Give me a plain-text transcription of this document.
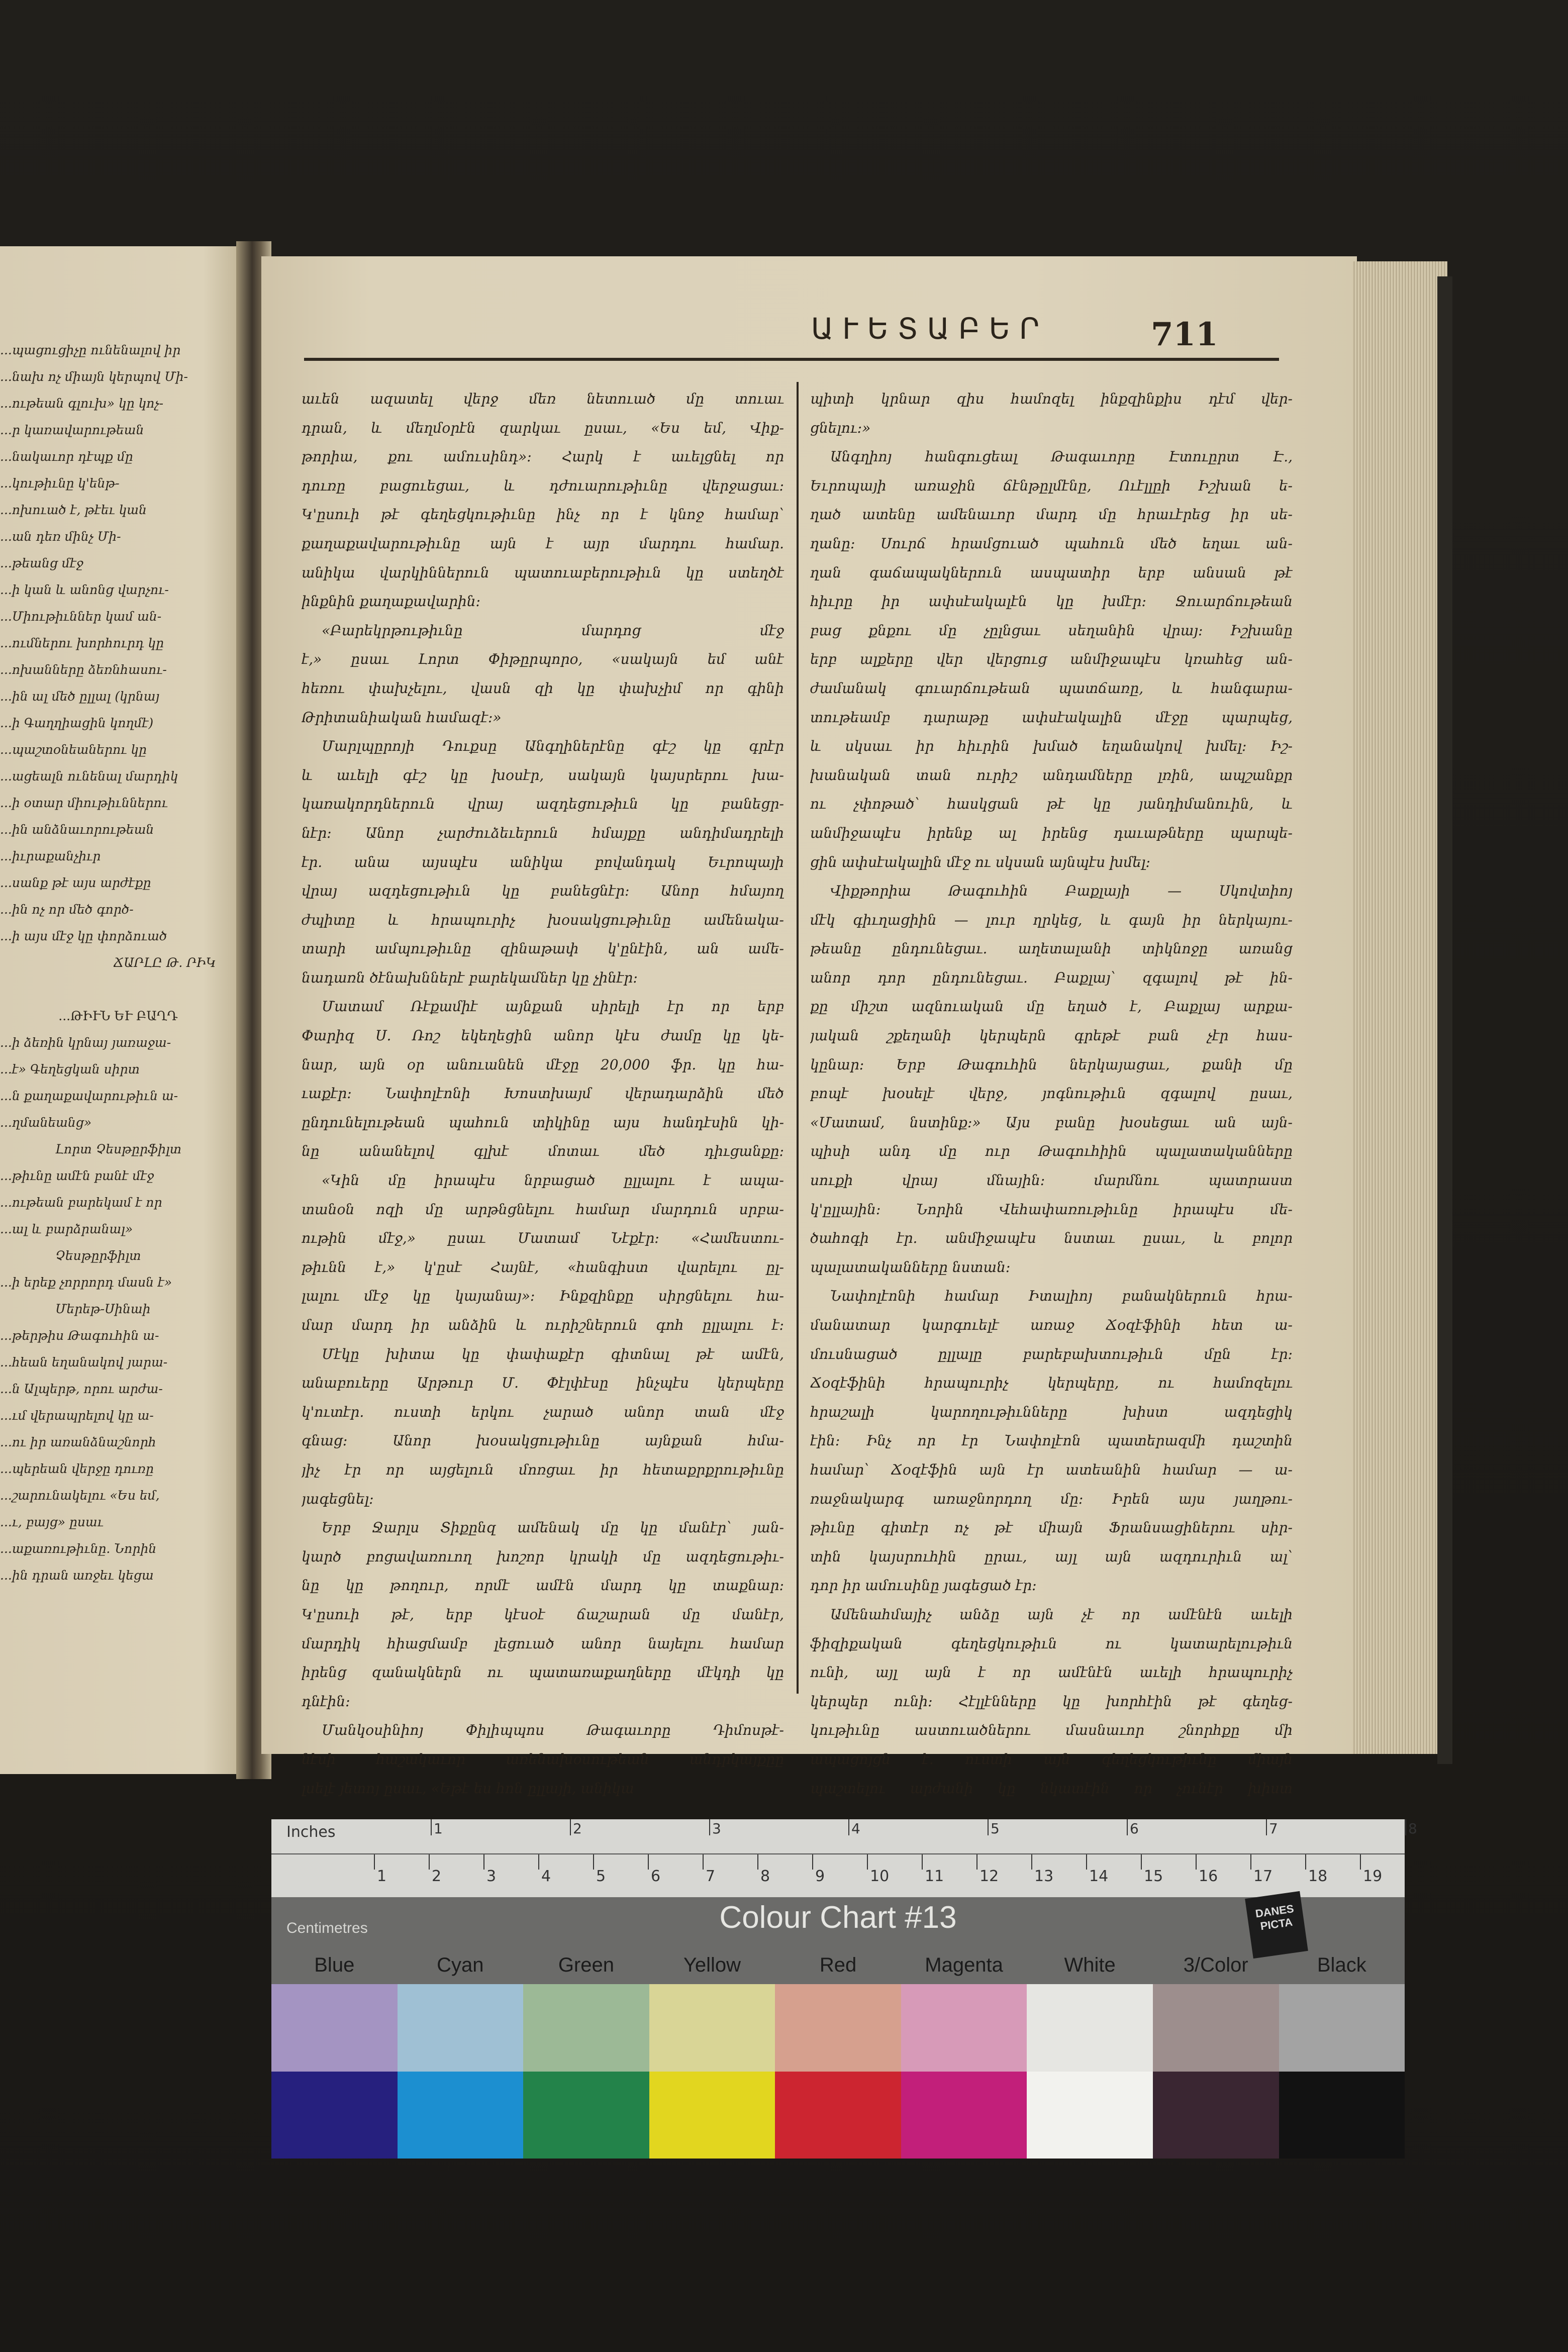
...պացուցիչը ունենալով իր
...նախ ոչ միայն կերպով Մի-
...ութեան գլուխ» կը կոչ-
...ր կառավարութեան
...նակաւոր դէպք մը
...կութիւնը կ'ենթ-
...ոխուած է, թէեւ կան
...ան դեռ մինչ Մի-
...թեանց մէջ
...ի կան և անոնց վարչու-
...Միութիւններ կամ ան-
...ումներու խորհուրդ կը
...ոխանները ձեռնհասու-
...ին ալ մեծ ըլլալ (կրնայ
...ի Գաղղիացին կողմէ)
...պաշտօնեաներու կը
...ացեալն ունենալ մարդիկ
...ի օտար միութիւններու
...ին անձնաւորութեան
...իւրաքանչիւր
...սանք թէ այս արժէքը
...ին ոչ որ մեծ գործ-
...ի այս մէջ կը փորձուած
ՃԱՐԼԸ Թ. ՐԻԿ
...ԹԻՒՆ ԵՒ ԲԱՂԴ
...ի ձեռին կրնայ յառաջա-
...է» Գեղեցկան սիրտ
...ն քաղաքավարութիւն ա-
...ղմանեանց»
Լորտ Չեսթըրֆիլտ
...թիւնը ամէն բանէ մէջ
...ութեան բարեկամ է որ
...ալ և բարձրանալ»
Չեսթըրֆիլտ
...ի երեք չորրորդ մասն է»
Մերեթ-Սինաի
...թերթիս Թագուհին ա-
...հեան եղանակով յարա-
...ն Ալպերթ, որու արժա-
...ւմ վերապրելով կը ա-
...ու իր առանձնաշնորհ
...պերեան վերջը դուռը
...շարունակելու «Ես եմ,
...ւ, բայց» ըսաւ
...աքառութիւնը. Նորին
...ին դրան առջեւ կեցա
ԱՒԵՏԱԲԵՐ	711
աւեն ազատել վերջ մեռ նետուած մը տուաւ
դրան, և մեղմօրէն զարկաւ ըսաւ, «Ես եմ, Վիք-
թորիա, քու ամուսինդ»։ Հարկ է աւելցնել որ
դուռը բացուեցաւ, և դժուարութիւնը վերջացաւ։
Կ'ըսուի թէ գեղեցկութիւնը ինչ որ է կնոջ համար՝
քաղաքավարութիւնը այն է այր մարդու համար.
անիկա վարկիններուն պատուաբերութիւն կը ստեղծէ
ինքնին քաղաքավարին։
«Բարեկրթութիւնը մարդոց մէջ
է,» ըսաւ Լորտ Փիթըրպորօ, «սակայն եմ անէ
հեռու փախչելու, վասն զի կը փախչիմ որ գինի
Թրիտանիական համազէ։»
Մարլպըրոյի Դուքսը Անգղիներէնը գէշ կը գրէր
և աւելի գէշ կը խօսէր, սակայն կայսրերու խա-
կառակորդներուն վրայ ազդեցութիւն կը բանեցր-
նէր։ Անոր չարժուձեւերուն հմայքը անդիմադրելի
էր. անա այսպէս անիկա բովանդակ Եւրոպայի
վրայ ազդեցութիւն կը բանեցնէր։ Անոր հմայող
ժպիտը և հրապուրիչ խօսակցութիւնը ամենակա-
տարի ամպութիւնը զինաթափ կ'ընէին, ան ամե-
նադառն ծէնախններէ բարեկամներ կը չինէր։
Մատամ Ռէքամիէ այնքան սիրելի էր որ երբ
Փարիզ Ս. Ռոշ եկեղեցին անոր կէս ժամը կը կե-
նար, այն օր անուանեն մէջը 20,000 ֆր. կը հա-
ւաքէր։ Նափոլէոնի Խոստխայմ վերադարձին մեծ
ընդունելութեան պահուն տիկինը այս հանդէսին կի-
նը անանելով գլխէ մոտաւ մեծ դիւցանքը։
«Կին մը իրապէս նրբացած ըլլալու է ապա-
տանօն ոզի մը արթնցնելու համար մարդուն սրբա-
ութին մէջ,» ըսաւ Մատամ Նէքէր։ «Համեստու-
թիւնն է,» կ'ըսէ Հայնէ, «հանգիստ վարելու ըլ-
լալու մէջ կը կայանայ»։ Ինքզինքը սիրցնելու հա-
մար մարդ իր անձին և ուրիշներուն գոհ ըլլալու է։
Մէկը խիտա կը փափաքէր գիտնալ թէ ամէն,
անաբուերը Արթուր Մ. Փէլփէսը ինչպէս կերպերը
կ'ուտէր. ուստի երկու չարած անոր տան մէջ
գնաց։ Անոր խօսակցութիւնը այնքան հմա-
յիչ էր որ այցելուն մոռցաւ իր հետաքրքրութիւնը
յագեցնել։
Երբ Ջարլս Տիքընզ ամենակ մը կը մանէր՝ յան-
կարծ բոցավառուող խոշոր կրակի մը ազդեցութիւ-
նը կը թողուր, որմէ ամէն մարդ կը տաքնար։
Կ'ըսուի թէ, երբ կէսօէ ճաշարան մը մանէր,
մարդիկ հիացմամբ լեցուած անոր նայելու համար
իրենց զանակներն ու պատառաքաղները մէկդի կը
դնէին։
Մանկօսինիոյ Փիլիպպոս Թագաւորը Դիմոսթէ-
նէսի հաշակաւոր առենախօսութեան անդրկայքըը
լսելէ յետոյ ըսաւ, «Եթէ ես հոն ըլլայի, անիկա
պիտի կրնար զիս համոզել ինքզինքիս դէմ վեր-
ցնելու։»
Անգղիոյ հանգուցեալ Թագաւորը Էտուըրտ Է.,
Եւրոպայի առաջին ճէնթըլմէնը, Ուէլլըի Իշխան ե-
ղած ատենը ամենաւոր մարդ մը հրաւէրեց իր սե-
ղանը։ Սուրճ հրամցուած պահուն մեծ եղաւ ան-
ղան գաճապակներուն ասպատիր երբ անսան թէ
հիւրը իր ափսէակալէն կը խմէր։ Ջուարճութեան
բաց քնքու մը չըլնցաւ սեղանին վրայ։ Իշխանը
երբ ալքերը վեր վերցուց անմիջապէս կռահեց ան-
ժամանակ գուարճութեան պատճառը, և հանգարա-
տութեամբ դարաթը ափսէակալին մէջը պարպեց,
և սկսաւ իր հիւրին խմած եղանակով խմել։ Իշ-
խանական տան ուրիշ անդամները լռին, ապշանքր
ու չփոթած՝ հասկցան թէ կը յանդիմանուին, և
անմիջապէս իրենք ալ իրենց դաւաթները պարպե-
ցին ափսէակալին մէջ ու սկսան այնպէս խմել։
Վիքթորիա Թագուհին Բաքլայի — Սկովտիոյ
մէկ գիւղացիին — լուր ղրկեց, և գայն իր ներկայու-
թեանը ընդունեցաւ. աղետալանի տիկնոջը առանց
անոր դոր ընդունեցաւ. Բաքլայ՝ զգալով թէ ին-
քը միշտ ազնուական մը եղած է, Բաքլայ արքա-
յական շքեղանի կերպերն գրեթէ բան չէր հաս-
կընար։ Երբ Թագուհին ներկայացաւ, քանի մը
բոպէ խօսելէ վերջ, յոգնութիւն զգալով ըսաւ,
«Մատամ, նստինք։» Այս բանը խօսեցաւ ան այն-
պիսի անդ մը ուր Թագուհիին պալատականները
սուքի վրայ մնային։ մարմնու պատրաստ
կ'ըլլային։ Նորին Վեհափառութիւնը իրապէս մե-
ծահոգի էր. անմիջապէս նստաւ ըսաւ, և բոլոր
պալատականները նստան։
Նափոլէոնի համար Իտալիոյ բանակներուն հրա-
մանատար կարգուելէ առաջ Ճօզէֆինի հետ ա-
մուսնացած ըլլալը բարեբախտութիւն մըն էր։
Ճօզէֆինի հրապուրիչ կերպերը, ու համոզելու
հրաշալի կարողութիւնները խիստ ազդեցիկ
էին։ Ինչ որ էր Նափոլէոն պատերազմի դաշտին
համար՝ Ճօզէֆին այն էր ատեանին համար — ա-
ռաջնակարգ առաջնորդող մը։ Իրեն այս յաղթու-
թիւնը գիտէր ոչ թէ միայն Ֆրանսացիներու սիր-
տին կայսրուհին ըրաւ, այլ այն ազդուրիւն ալ՝
դոր իր ամուսինը յագեցած էր։
Ամենահմայիչ անձը այն չէ որ ամէնէն աւելի
ֆիզիքական գեղեցկութիւն ու կատարելութիւն
ունի, այլ այն է որ ամէնէն աւելի հրապուրիչ
կերպեր ունի։ Հէլլէնները կը խորհէին թէ գեղեց-
կութիւնը աստուածներու մասնաւոր շնորհքը մի
ապացոյցն է. ուստի այն գեղեցկութիւնը միայն
պաշտելու արժանի կը նկատէին որ չունէր խիստ
Inches	1	2	3	4	5	6	7	8
1	2	3	4	5	6	7	8	9	10 11 12 13 14 15 16 17 18 19
Centimetres	Colour Chart #13	DANES PICTA
Blue	Cyan	Green	Yellow	Red	Magenta	White	3/Color	Black
